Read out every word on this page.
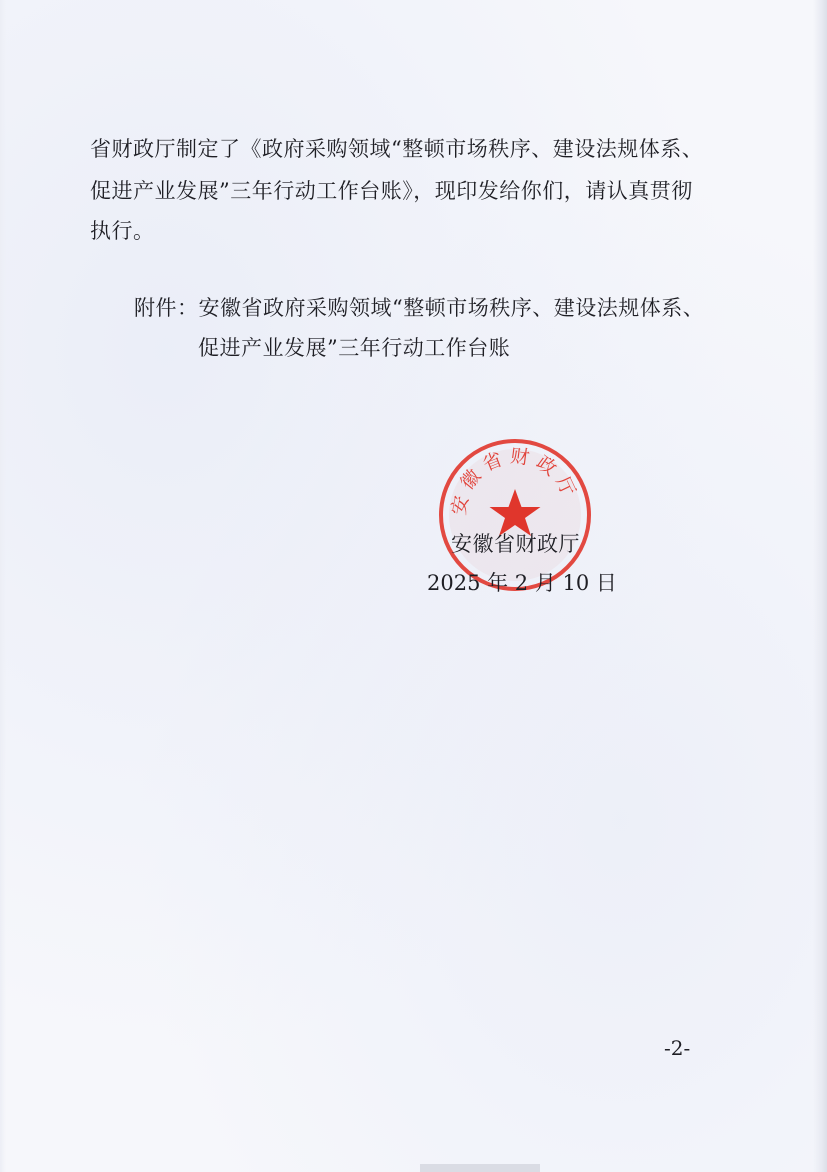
省财政厅制定了《政府采购领域“整顿市场秩序、建设法规体系、
促进产业发展”三年行动工作台账》，现印发给你们，请认真贯彻
执行。
附件：安徽省政府采购领域“整顿市场秩序、建设法规体系、
促进产业发展”三年行动工作台账
安徽省财政厅
安徽省财政厅
2025 年 2 月 10 日
-2-
